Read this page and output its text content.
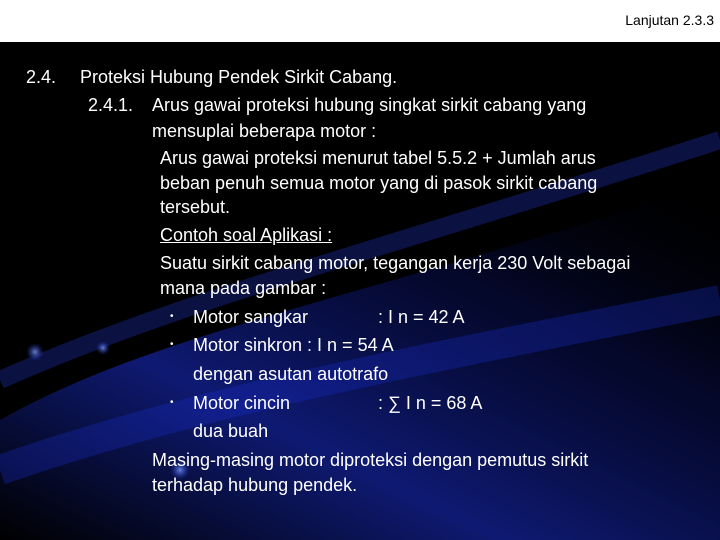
Lanjutan 2.3.3
2.4. Proteksi Hubung Pendek Sirkit Cabang.
2.4.1. Arus gawai proteksi hubung singkat sirkit cabang yang
mensuplai beberapa motor :
Arus gawai proteksi menurut tabel 5.5.2 + Jumlah arus
beban penuh semua motor yang di pasok sirkit cabang
tersebut.
Contoh soal Aplikasi :
Suatu sirkit cabang motor, tegangan kerja 230 Volt sebagai
mana pada gambar :
• Motor sangkar	: I n = 42 A
• Motor sinkron : I n = 54 A
dengan asutan autotrafo
• Motor cincin	: ∑ I n = 68 A
dua buah
Masing-masing motor diproteksi dengan pemutus sirkit
terhadap hubung pendek.
